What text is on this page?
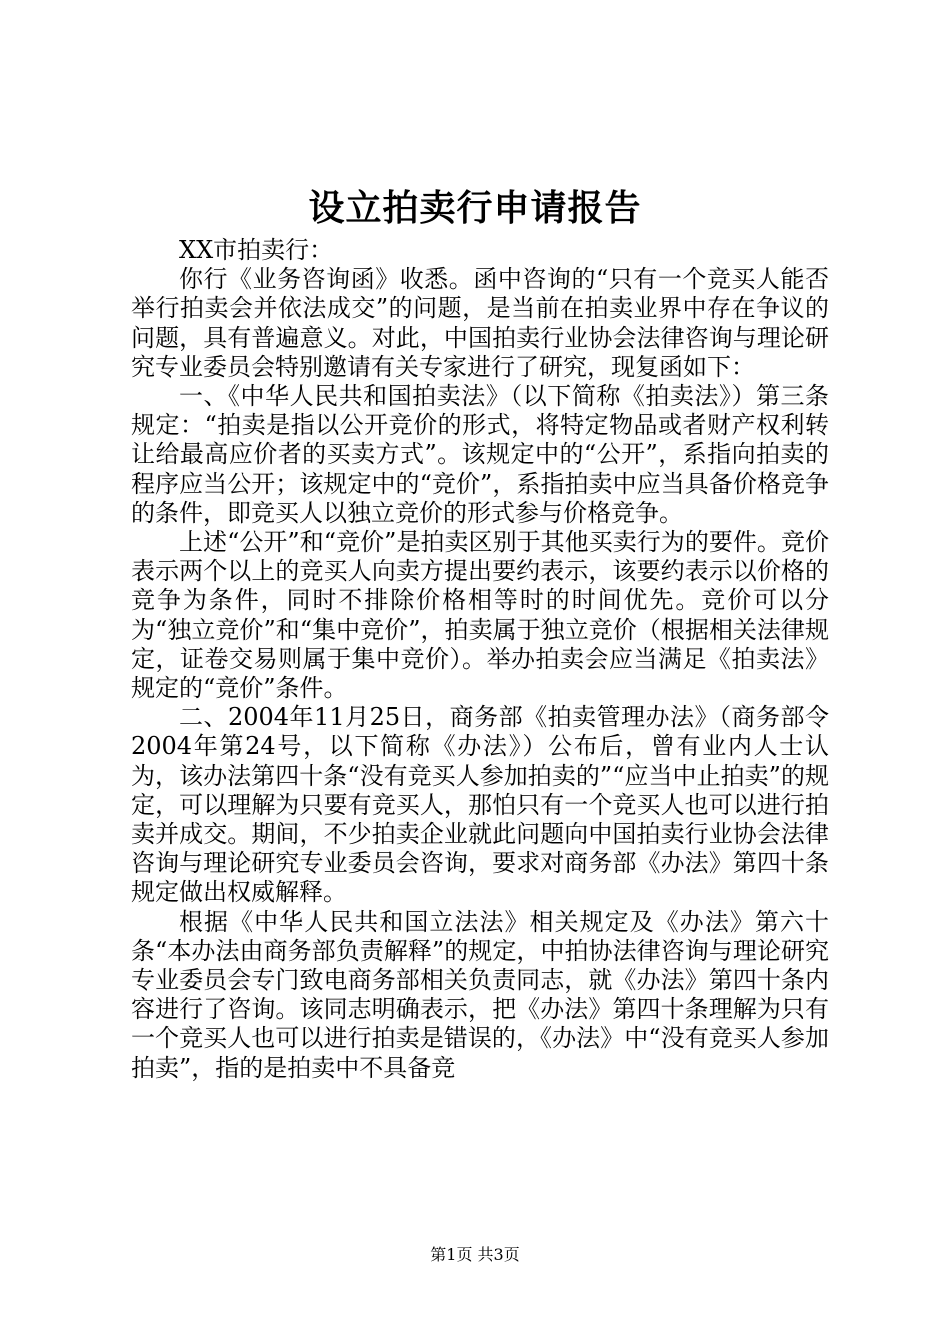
设立拍卖行申请报告

XX市拍卖行：

你行《业务咨询函》收悉。函中咨询的“只有一个竞买人能否举行拍卖会并依法成交”的问题，是当前在拍卖业界中存在争议的问题，具有普遍意义。对此，中国拍卖行业协会法律咨询与理论研究专业委员会特别邀请有关专家进行了研究，现复函如下：

一、《中华人民共和国拍卖法》（以下简称《拍卖法》）第三条规定：“拍卖是指以公开竞价的形式，将特定物品或者财产权利转让给最高应价者的买卖方式”。该规定中的“公开”，系指向拍卖的程序应当公开；该规定中的“竞价”，系指拍卖中应当具备价格竞争的条件，即竞买人以独立竞价的形式参与价格竞争。

上述“公开”和“竞价”是拍卖区别于其他买卖行为的要件。竞价表示两个以上的竞买人向卖方提出要约表示，该要约表示以价格的竞争为条件，同时不排除价格相等时的时间优先。竞价可以分为“独立竞价”和“集中竞价”，拍卖属于独立竞价（根据相关法律规定，证卷交易则属于集中竞价）。举办拍卖会应当满足《拍卖法》规定的“竞价”条件。

二、2004年11月25日，商务部《拍卖管理办法》（商务部令2004年第24号，以下简称《办法》）公布后，曾有业内人士认为，该办法第四十条“没有竞买人参加拍卖的”“应当中止拍卖”的规定，可以理解为只要有竞买人，那怕只有一个竞买人也可以进行拍卖并成交。期间，不少拍卖企业就此问题向中国拍卖行业协会法律咨询与理论研究专业委员会咨询，要求对商务部《办法》第四十条规定做出权威解释。

根据《中华人民共和国立法法》相关规定及《办法》第六十条“本办法由商务部负责解释”的规定，中拍协法律咨询与理论研究专业委员会专门致电商务部相关负责同志，就《办法》第四十条内容进行了咨询。该同志明确表示，把《办法》第四十条理解为只有一个竞买人也可以进行拍卖是错误的，《办法》中“没有竞买人参加拍卖”，指的是拍卖中不具备竞

第1页 共3页
